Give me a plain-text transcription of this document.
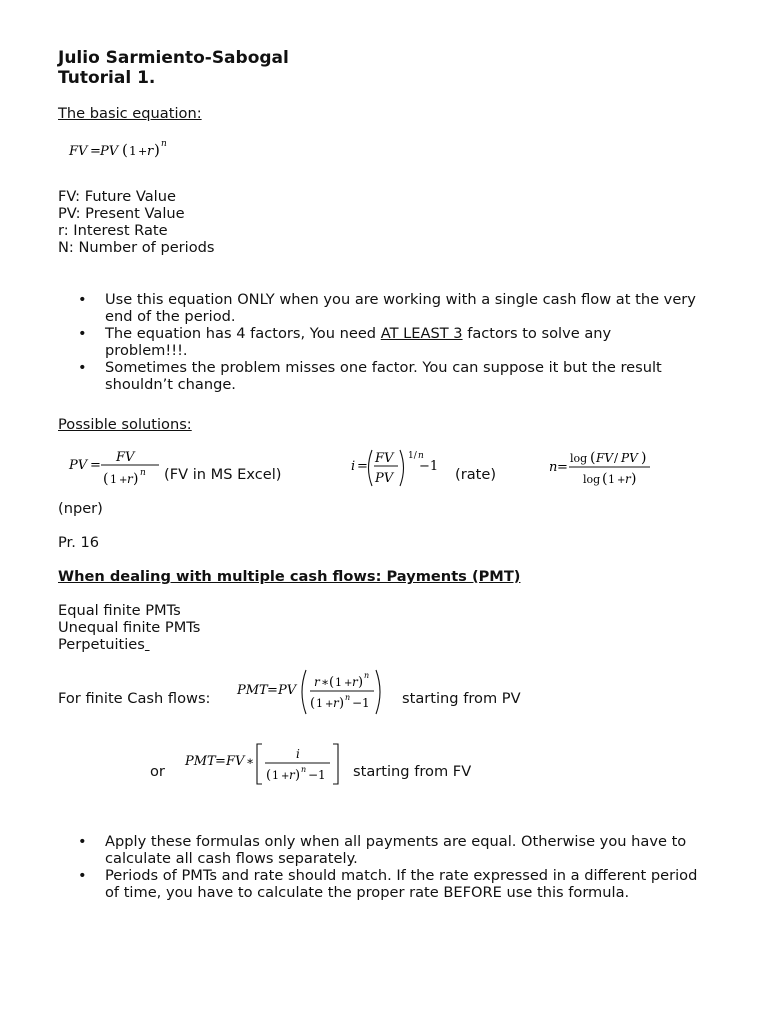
Julio Sarmiento-Sabogal
Tutorial 1.
The basic equation:
FV = PV ( 1 + r ) n
FV: Future Value
PV: Present Value
r: Interest Rate
N: Number of periods
• Use this equation ONLY when you are working with a single cash flow at the very end of the period.
• The equation has 4 factors, You need AT LEAST 3 factors to solve any problem!!!.
• Sometimes the problem misses one factor. You can suppose it but the result shouldn’t change.
Possible solutions:
PV =
FV
( 1 + r ) n (FV in MS Excel)	i =
FV
PV
1/ n
−1 (rate)	n =
log ( FV / PV )
log ( 1 + r )
(nper)
Pr. 16
When dealing with multiple cash flows: Payments (PMT)
Equal finite PMTs
Unequal finite PMTs
Perpetuities
For finite Cash flows: PMT = PV
r ∗ ( 1 + r ) n
( 1 + r ) n −1 starting from PV
or
PMT = FV ∗	i
( 1 + r ) n −1 starting from FV
• Apply these formulas only when all payments are equal. Otherwise you have to calculate all cash flows separately.
• Periods of PMTs and rate should match. If the rate expressed in a different period of time, you have to calculate the proper rate BEFORE use this formula.
